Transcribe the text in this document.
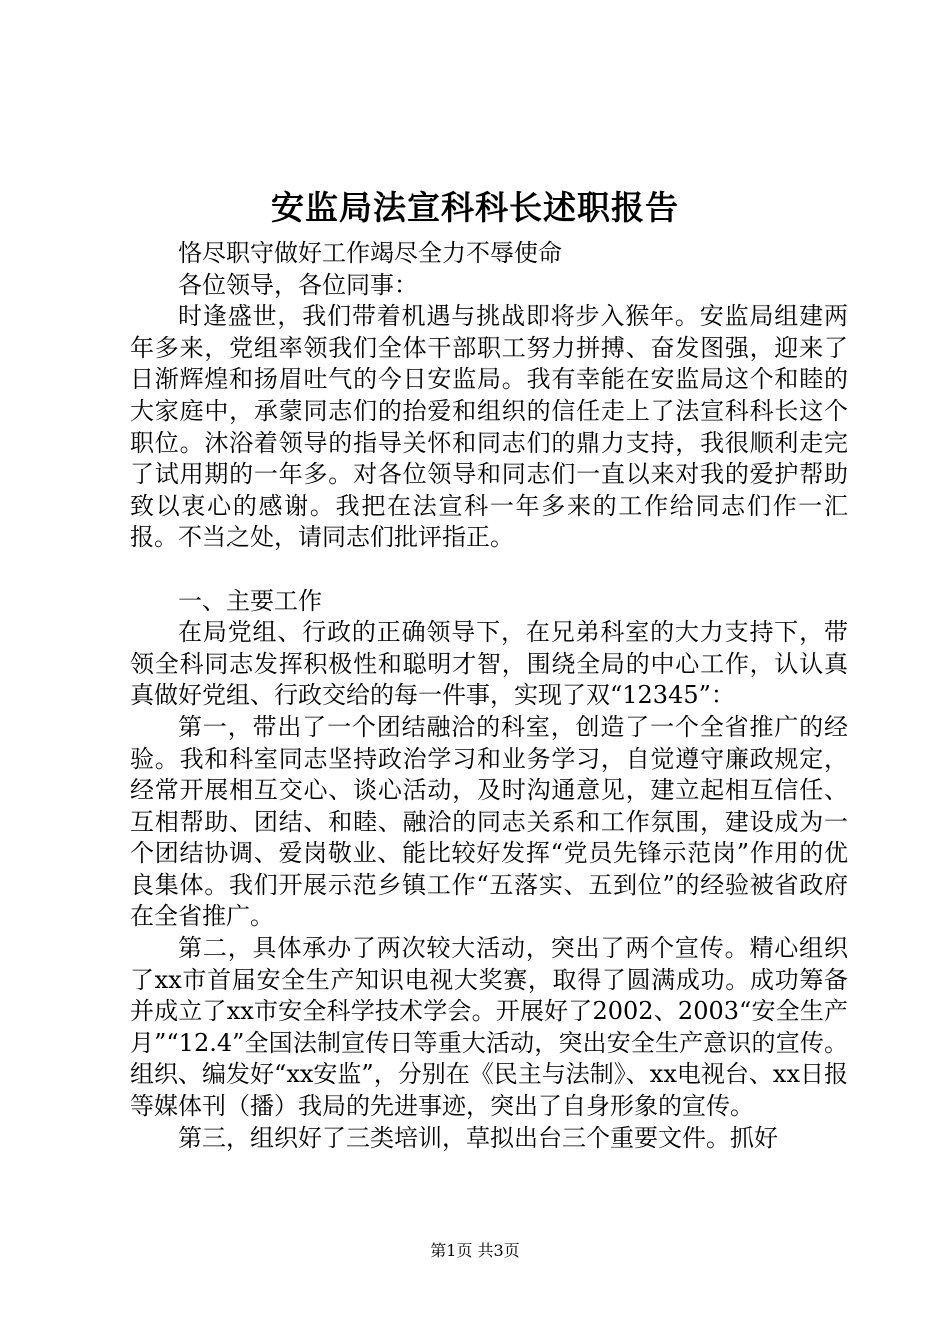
安监局法宣科科长述职报告

恪尽职守做好工作竭尽全力不辱使命

各位领导，各位同事：

时逢盛世，我们带着机遇与挑战即将步入猴年。安监局组建两年多来，党组率领我们全体干部职工努力拼搏、奋发图强，迎来了日渐辉煌和扬眉吐气的今日安监局。我有幸能在安监局这个和睦的大家庭中，承蒙同志们的抬爱和组织的信任走上了法宣科科长这个职位。沐浴着领导的指导关怀和同志们的鼎力支持，我很顺利走完了试用期的一年多。对各位领导和同志们一直以来对我的爱护帮助致以衷心的感谢。我把在法宣科一年多来的工作给同志们作一汇报。不当之处，请同志们批评指正。

一、主要工作

在局党组、行政的正确领导下，在兄弟科室的大力支持下，带领全科同志发挥积极性和聪明才智，围绕全局的中心工作，认认真真做好党组、行政交给的每一件事，实现了双“12345”：

第一，带出了一个团结融洽的科室，创造了一个全省推广的经验。我和科室同志坚持政治学习和业务学习，自觉遵守廉政规定，经常开展相互交心、谈心活动，及时沟通意见，建立起相互信任、互相帮助、团结、和睦、融洽的同志关系和工作氛围，建设成为一个团结协调、爱岗敬业、能比较好发挥“党员先锋示范岗”作用的优良集体。我们开展示范乡镇工作“五落实、五到位”的经验被省政府在全省推广。

第二，具体承办了两次较大活动，突出了两个宣传。精心组织了xx市首届安全生产知识电视大奖赛，取得了圆满成功。成功筹备并成立了xx市安全科学技术学会。开展好了2002、2003“安全生产月”“12.4”全国法制宣传日等重大活动，突出安全生产意识的宣传。组织、编发好“xx安监”，分别在《民主与法制》、xx电视台、xx日报等媒体刊（播）我局的先进事迹，突出了自身形象的宣传。

第三，组织好了三类培训，草拟出台三个重要文件。抓好

第1页 共3页
